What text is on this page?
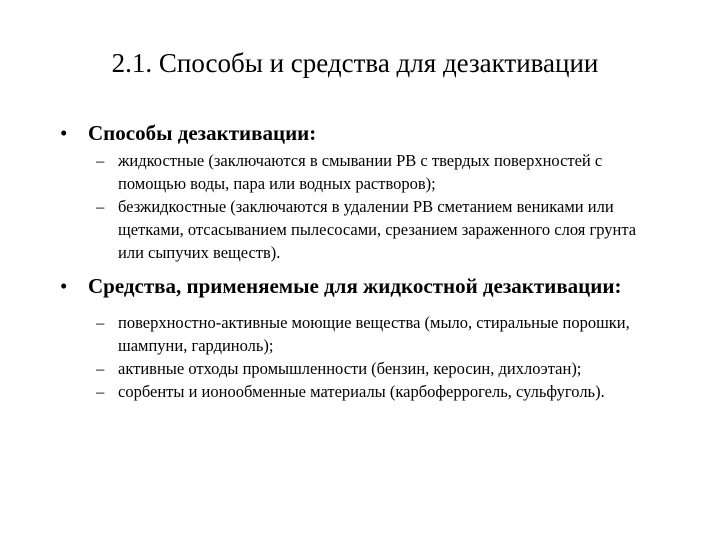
2.1. Способы и средства для дезактивации
• Способы дезактивации:
– жидкостные (заключаются в смывании РВ с твердых поверхностей с помощью воды, пара или водных растворов);
– безжидкостные (заключаются в удалении РВ сметанием вениками или щетками, отсасыванием пылесосами, срезанием зараженного слоя грунта или сыпучих веществ).
• Средства, применяемые для жидкостной дезактивации:
– поверхностно-активные моющие вещества (мыло, стиральные порошки, шампуни, гардиноль);
– активные отходы промышленности (бензин, керосин, дихлоэтан);
– сорбенты и ионообменные материалы (карбоферрогель, сульфуголь).
